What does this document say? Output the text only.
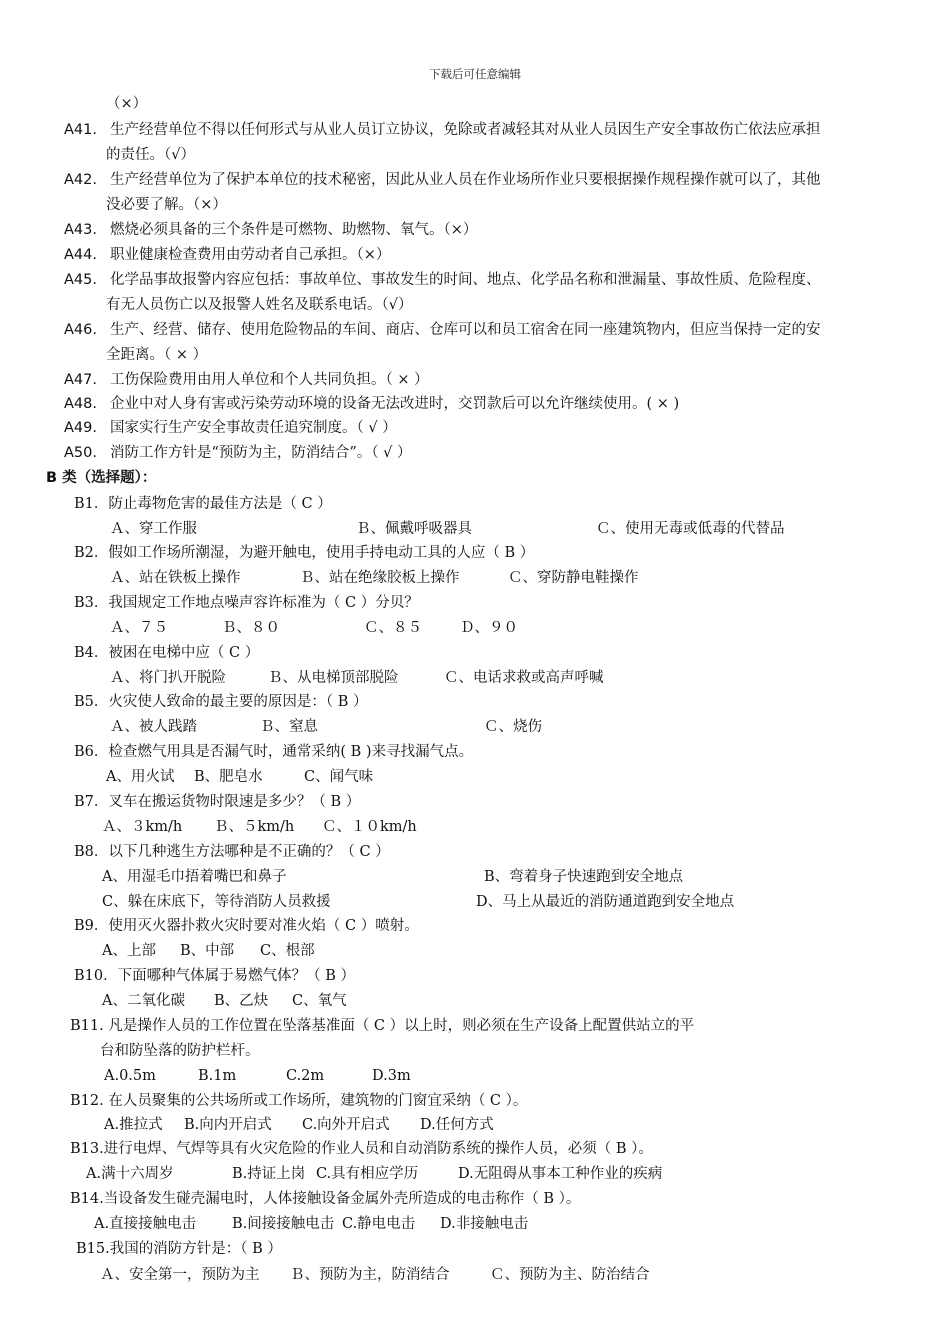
下载后可任意编辑
（×）
A41. 生产经营单位不得以任何形式与从业人员订立协议，免除或者减轻其对从业人员因生产安全事故伤亡依法应承担
的责任。（√）
A42. 生产经营单位为了保护本单位的技术秘密，因此从业人员在作业场所作业只要根据操作规程操作就可以了，其他
没必要了解。（×）
A43. 燃烧必须具备的三个条件是可燃物、助燃物、氧气。（×）
A44. 职业健康检查费用由劳动者自己承担。（×）
A45. 化学品事故报警内容应包括：事故单位、事故发生的时间、地点、化学品名称和泄漏量、事故性质、危险程度、
有无人员伤亡以及报警人姓名及联系电话。（√）
A46. 生产、经营、储存、使用危险物品的车间、商店、仓库可以和员工宿舍在同一座建筑物内，但应当保持一定的安
全距离。（ × ）
A47. 工伤保险费用由用人单位和个人共同负担。（ × ）
A48. 企业中对人身有害或污染劳动环境的设备无法改进时，交罚款后可以允许继续使用。( × )
A49. 国家实行生产安全事故责任追究制度。（ √ ）
A50. 消防工作方针是“预防为主，防消结合”。（ √ ）
B 类（选择题）：
B1．防止毒物危害的最佳方法是（ C ）
Ａ、穿工作服	Ｂ、佩戴呼吸器具	Ｃ、使用无毒或低毒的代替品
B2．假如工作场所潮湿，为避开触电，使用手持电动工具的人应（ B ）
Ａ、站在铁板上操作	Ｂ、站在绝缘胶板上操作	Ｃ、穿防静电鞋操作
B3．我国规定工作地点噪声容许标准为（ C ）分贝？
Ａ、７５	Ｂ、８０	Ｃ、８５	Ｄ、９０
B4．被困在电梯中应（ C ）
Ａ、将门扒开脱险	Ｂ、从电梯顶部脱险	Ｃ、电话求救或高声呼喊
B5．火灾使人致命的最主要的原因是：（ B ）
Ａ、被人践踏	Ｂ、窒息	Ｃ、烧伤
B6．检查燃气用具是否漏气时，通常采纳( B )来寻找漏气点。
A、用火试 B、肥皂水	C、闻气味
B7．叉车在搬运货物时限速是多少？（ B ）
Ａ、３km/h Ｂ、５km/h Ｃ、１０km/h
B8．以下几种逃生方法哪种是不正确的？（ C ）
A、用湿毛巾捂着嘴巴和鼻子	B、弯着身子快速跑到安全地点
C、躲在床底下，等待消防人员救援	D、马上从最近的消防通道跑到安全地点
B9．使用灭火器扑救火灾时要对准火焰（ C ）喷射。
A、上部 B、中部 C、根部
B10．下面哪种气体属于易燃气体？（ B ）
A、二氧化碳 B、乙炔 C、氧气
B11. 凡是操作人员的工作位置在坠落基准面（ C ）以上时，则必须在生产设备上配置供站立的平
台和防坠落的防护栏杆。
A.0.5m	B.1m	C.2m	D.3m
B12. 在人员聚集的公共场所或工作场所，建筑物的门窗宜采纳（ C ）。
A.推拉式 B.向内开启式 C.向外开启式 D.任何方式
B13.进行电焊、气焊等具有火灾危险的作业人员和自动消防系统的操作人员，必须（ B ）。
A.满十六周岁	B.持证上岗 C.具有相应学历	D.无阻碍从事本工种作业的疾病
B14.当设备发生碰壳漏电时，人体接触设备金属外壳所造成的电击称作（ B ）。
A.直接接触电击 B.间接接触电击 C.静电电击 D.非接触电击
B15.我国的消防方针是：（ B ）
Ａ、安全第一，预防为主 Ｂ、预防为主，防消结合	Ｃ、预防为主、防治结合
